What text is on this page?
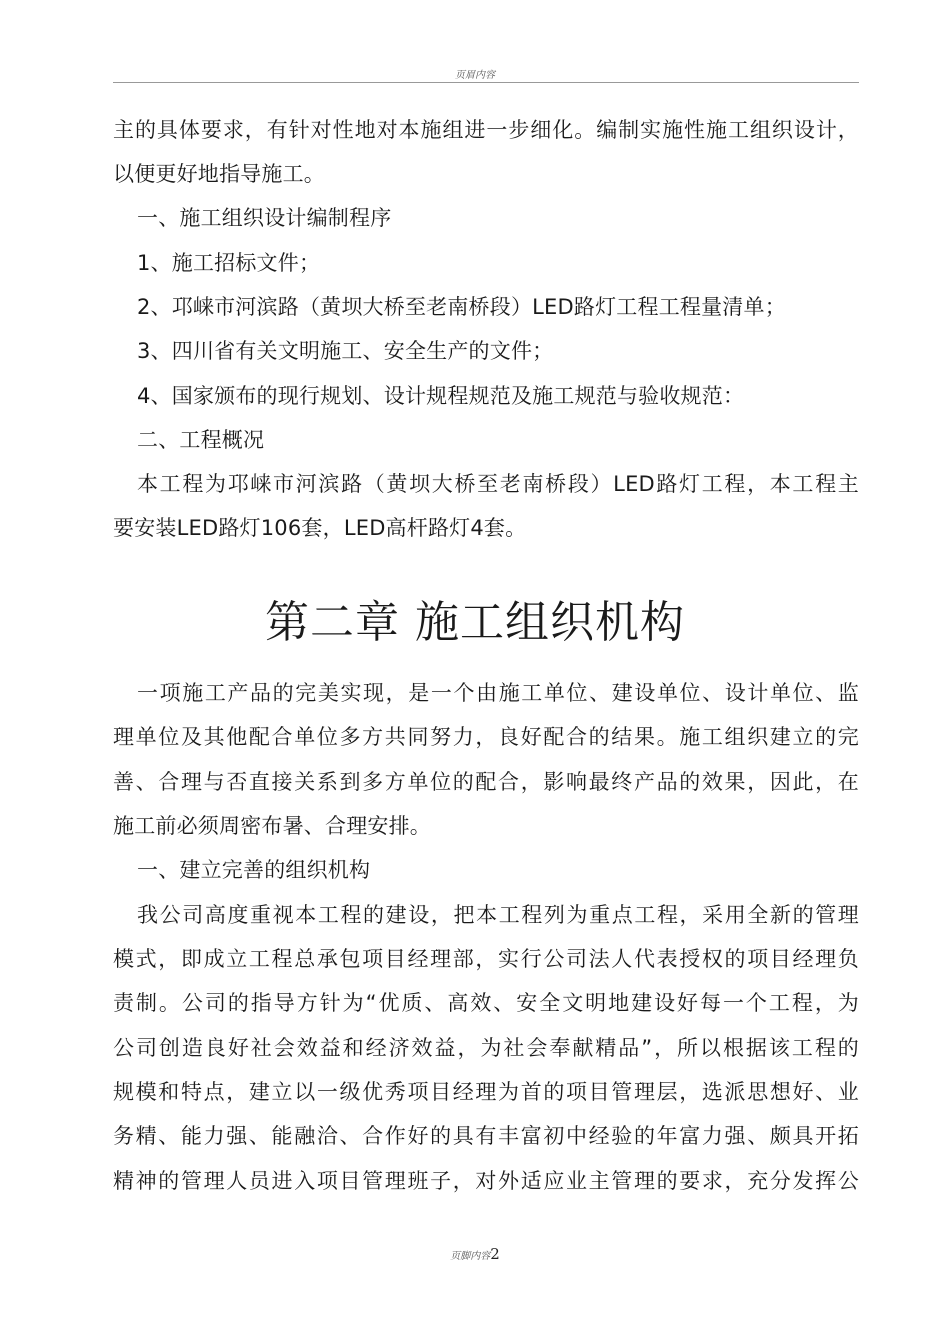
页眉内容
主的具体要求，有针对性地对本施组进一步细化。编制实施性施工组织设计，
以便更好地指导施工。
一、施工组织设计编制程序
1、施工招标文件；
2、邛崃市河滨路（黄坝大桥至老南桥段）LED路灯工程工程量清单；
3、四川省有关文明施工、安全生产的文件；
4、国家颁布的现行规划、设计规程规范及施工规范与验收规范：
二、工程概况
本工程为邛崃市河滨路（黄坝大桥至老南桥段）LED路灯工程，本工程主
要安装LED路灯106套，LED高杆路灯4套。
第二章 施工组织机构
一项施工产品的完美实现，是一个由施工单位、建设单位、设计单位、监
理单位及其他配合单位多方共同努力，良好配合的结果。施工组织建立的完
善、合理与否直接关系到多方单位的配合，影响最终产品的效果，因此，在
施工前必须周密布暑、合理安排。
一、建立完善的组织机构
我公司高度重视本工程的建设，把本工程列为重点工程，采用全新的管理
模式，即成立工程总承包项目经理部，实行公司法人代表授权的项目经理负
责制。公司的指导方针为“优质、高效、安全文明地建设好每一个工程，为
公司创造良好社会效益和经济效益，为社会奉献精品”，所以根据该工程的
规模和特点，建立以一级优秀项目经理为首的项目管理层，选派思想好、业
务精、能力强、能融洽、合作好的具有丰富初中经验的年富力强、颇具开拓
精神的管理人员进入项目管理班子，对外适应业主管理的要求，充分发挥公
页脚内容2
